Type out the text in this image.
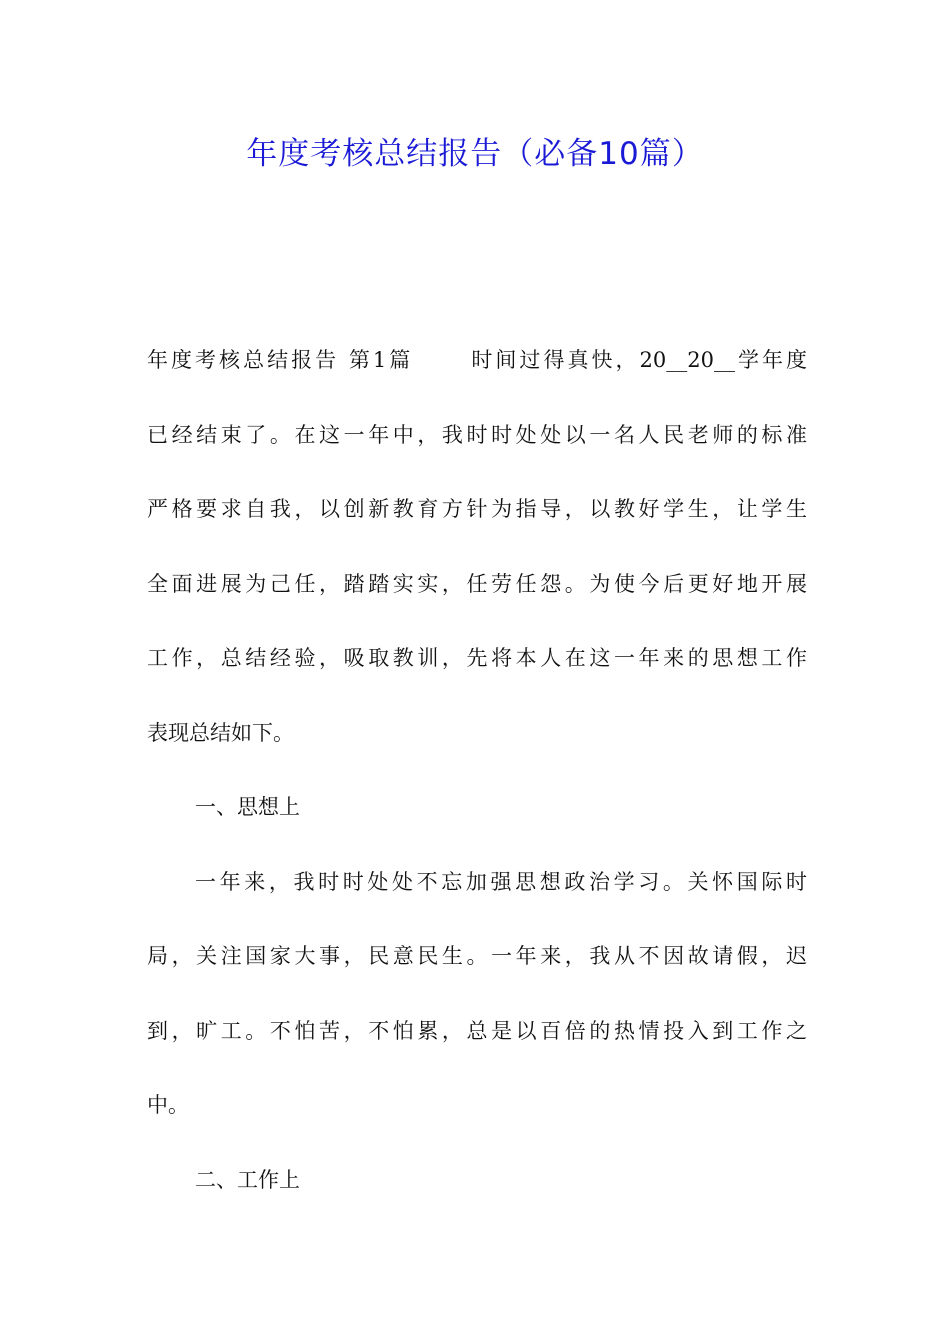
年度考核总结报告（必备10篇）
年度考核总结报告 第1篇      时间过得真快，20__20__学年度
已经结束了。在这一年中，我时时处处以一名人民老师的标准
严格要求自我，以创新教育方针为指导，以教好学生，让学生
全面进展为己任，踏踏实实，任劳任怨。为使今后更好地开展
工作，总结经验，吸取教训，先将本人在这一年来的思想工作
表现总结如下。
一、思想上
一年来，我时时处处不忘加强思想政治学习。关怀国际时
局，关注国家大事，民意民生。一年来，我从不因故请假，迟
到，旷工。不怕苦，不怕累，总是以百倍的热情投入到工作之
中。
二、工作上
